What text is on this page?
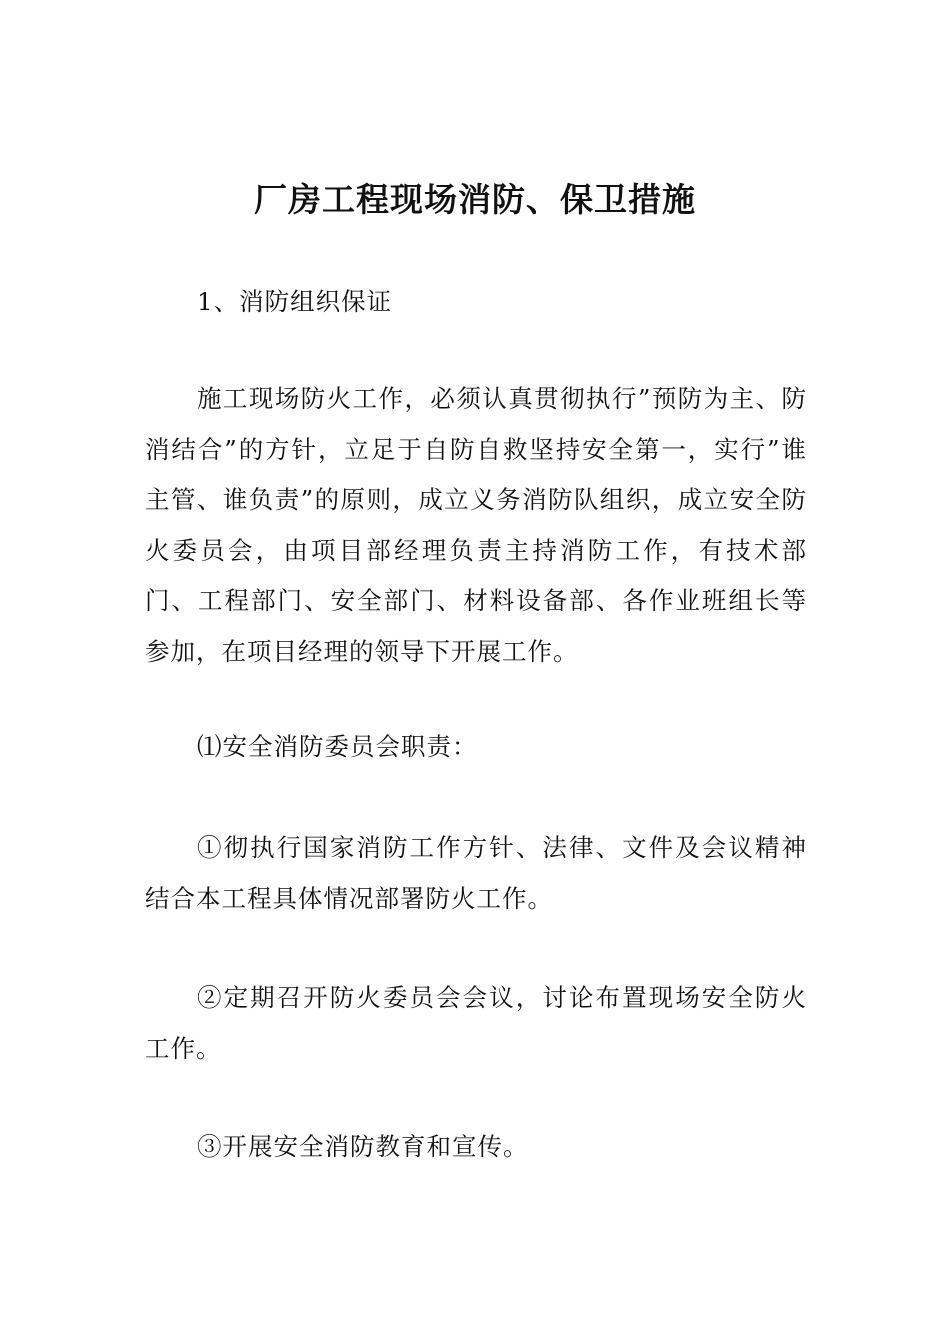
厂房工程现场消防、保卫措施

1、消防组织保证

施工现场防火工作，必须认真贯彻执行”预防为主、防消结合”的方针，立足于自防自救坚持安全第一，实行”谁主管、谁负责”的原则，成立义务消防队组织，成立安全防火委员会，由项目部经理负责主持消防工作，有技术部门、工程部门、安全部门、材料设备部、各作业班组长等参加，在项目经理的领导下开展工作。

⑴安全消防委员会职责：

①彻执行国家消防工作方针、法律、文件及会议精神结合本工程具体情况部署防火工作。

②定期召开防火委员会会议，讨论布置现场安全防火工作。

③开展安全消防教育和宣传。
